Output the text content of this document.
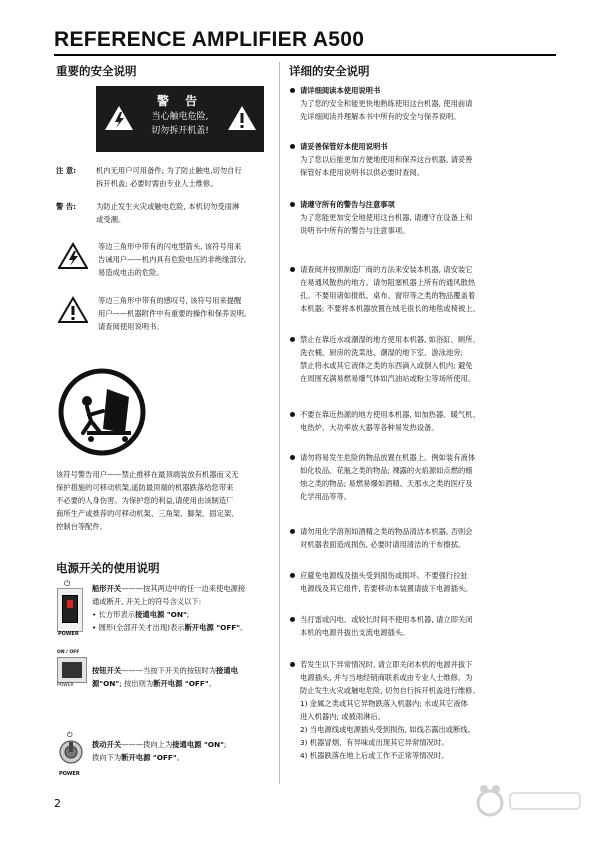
REFERENCE AMPLIFIER A500
重要的安全说明
警 告
当心触电危险,
切勿拆开机盖!
注 意:	机内无用户可用备件; 为了防止触电,切勿自行
拆开机盖; 必要时需由专业人士维修。
警 告:	为防止发生火灾或触电危险, 本机切勿受雨淋
或受潮。
等边三角形中带有的闪电型箭头, 该符号用来
告诫用户——机内具有危险电压的非绝缘部分,
易造成电击的危险。
等边三角形中带有的感叹号, 该符号用来提醒
用户——机器附件中有重要的操作和保养说明,
请查阅使用说明书。
该符号警告用户——禁止推移在最顶端装放有机器而又无
保护措施的可移动机架,遥防最顶端的机器跌落给您带来
不必要的人身伤害。为保护您的利益,请使用由该制造厂
商所生产或推荐的可移动机架、三角架、脚架、固定架、
控制台等配件。
电源开关的使用说明
⏻
POWER
船形开关———按其两边中的任一边来使电源接
通或断开, 开关上的符号含义以下:
• 长方形表示接通电源 "ON";
• 圆形(全部开关才出现)表示断开电源 "OFF"。
ON / OFF
POWER
按钮开关———当按下开关的按钮时为接通电
源"ON"; 按出则为断开电源 "OFF"。
⏻
POWER
拨动开关———拨向上为接通电源 "ON";
拨向下为断开电源 "OFF"。
详细的安全说明
请详细阅读本使用说明书
为了您的安全和能更快地熟练使用这台机器, 使用前请
先详细阅读并理解本书中所有的安全与保养说明。
请妥善保管好本使用说明书
为了您以后能更加方便地使用和保养这台机器, 请妥善
保管好本使用说明书以供必要时查阅。
请遵守所有的警告与注意事项
为了您能更加安全地使用这台机器, 请遵守在设备上和
说明书中所有的警告与注意事项。
请查阅并按照制造厂商的方法来安装本机器, 请安装它
在易通风散热的地方。请勿阻塞机器上所有的通风散热
孔。不要用诸如报纸、桌布、窗帘等之类的物品覆盖着
本机器; 不要将本机器放置在绒毛很长的地毯或椅被上。
禁止在靠近水或潮湿的地方使用本机器, 如浴缸、厕所、
洗衣桶、厨房的洗菜池、潮湿的地下室、游泳池旁;
禁止将水或其它液体之类的东西滴入或倒入机内; 避免
在周围充满易燃易爆气体如汽油站或粉尘等场所使用。
不要在靠近热源的地方使用本机器, 如加热器、暖气机、
电热炉、大功率放大器等各种易发热设备。
请勿将易发生危险的物品放置在机器上。例如装有液体
如化妆品、花瓶之类的物品; 裸露的火焰源如点燃的蜡
烛之类的物品; 易燃易爆如酒精、天那水之类的医疗及
化学用品等等。
请勿用化学溶剂如酒精之类的物品清洁本机器, 否则会
对机器表面造成损伤, 必要时请用清洁的干布擦拭。
应避免电源线及插头受到损伤或损坏。不要强行拉扯
电源线及其它组件, 若要移动本装置请拔下电源插头。
当打雷或闪电、或较长时间不使用本机器, 请立即关闭
本机的电源并拔出支流电源插头。
若发生以下异常情况时, 请立即关闭本机的电源并拔下
电源插头, 并与当地经销商联系或由专业人士维修。为
防止发生火灾或触电危险, 切勿自行拆开机盖进行维修。
1) 金属之类或其它异物跌落入机器内; 水或其它液体
进入机器内; 或被雨淋后。
2) 当电源线或电源插头受到损伤, 如线芯露出或断线。
3) 机器冒烟、有异味或出现其它异常情况时。
4) 机器跌落在地上后或工作不正常等情况时。
2
